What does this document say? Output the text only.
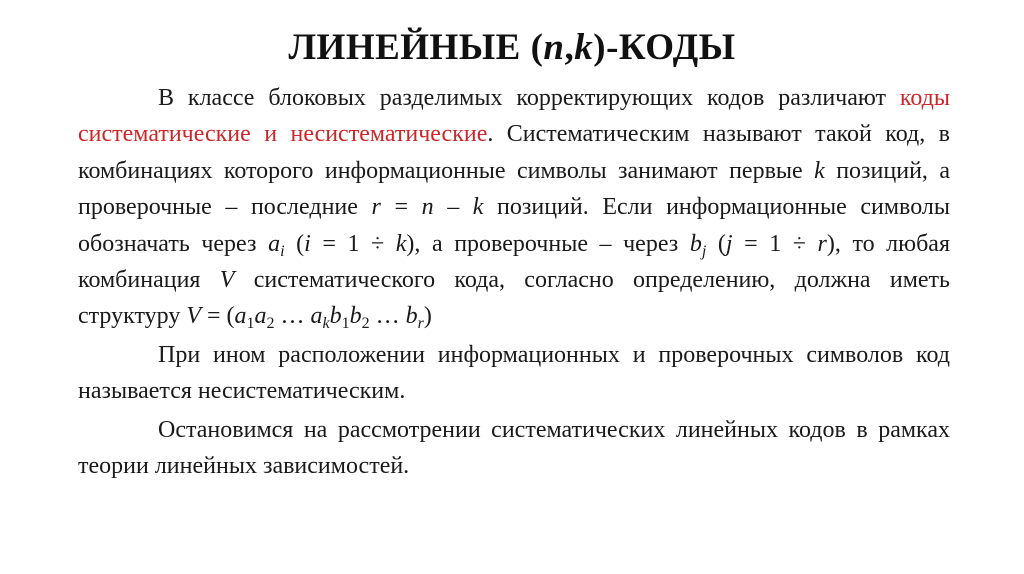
ЛИНЕЙНЫЕ (n,k)-КОДЫ

В классе блоковых разделимых корректирующих кодов различают коды систематические и несистематические. Систематическим называют такой код, в комбинациях которого информационные символы занимают первые k позиций, а проверочные – последние r = n – k позиций. Если информационные символы обозначать через $a_i$ (i = 1 ÷ k), а проверочные – через $b_j$ (j = 1 ÷ r), то любая комбинация V систематического кода, согласно определению, должна иметь структуру $V = (a_1a_2$ … $a_kb_1b_2$ … $b_r$)

При ином расположении информационных и проверочных символов код называется несистематическим.

Остановимся на рассмотрении систематических линейных кодов в рамках теории линейных зависимостей.
